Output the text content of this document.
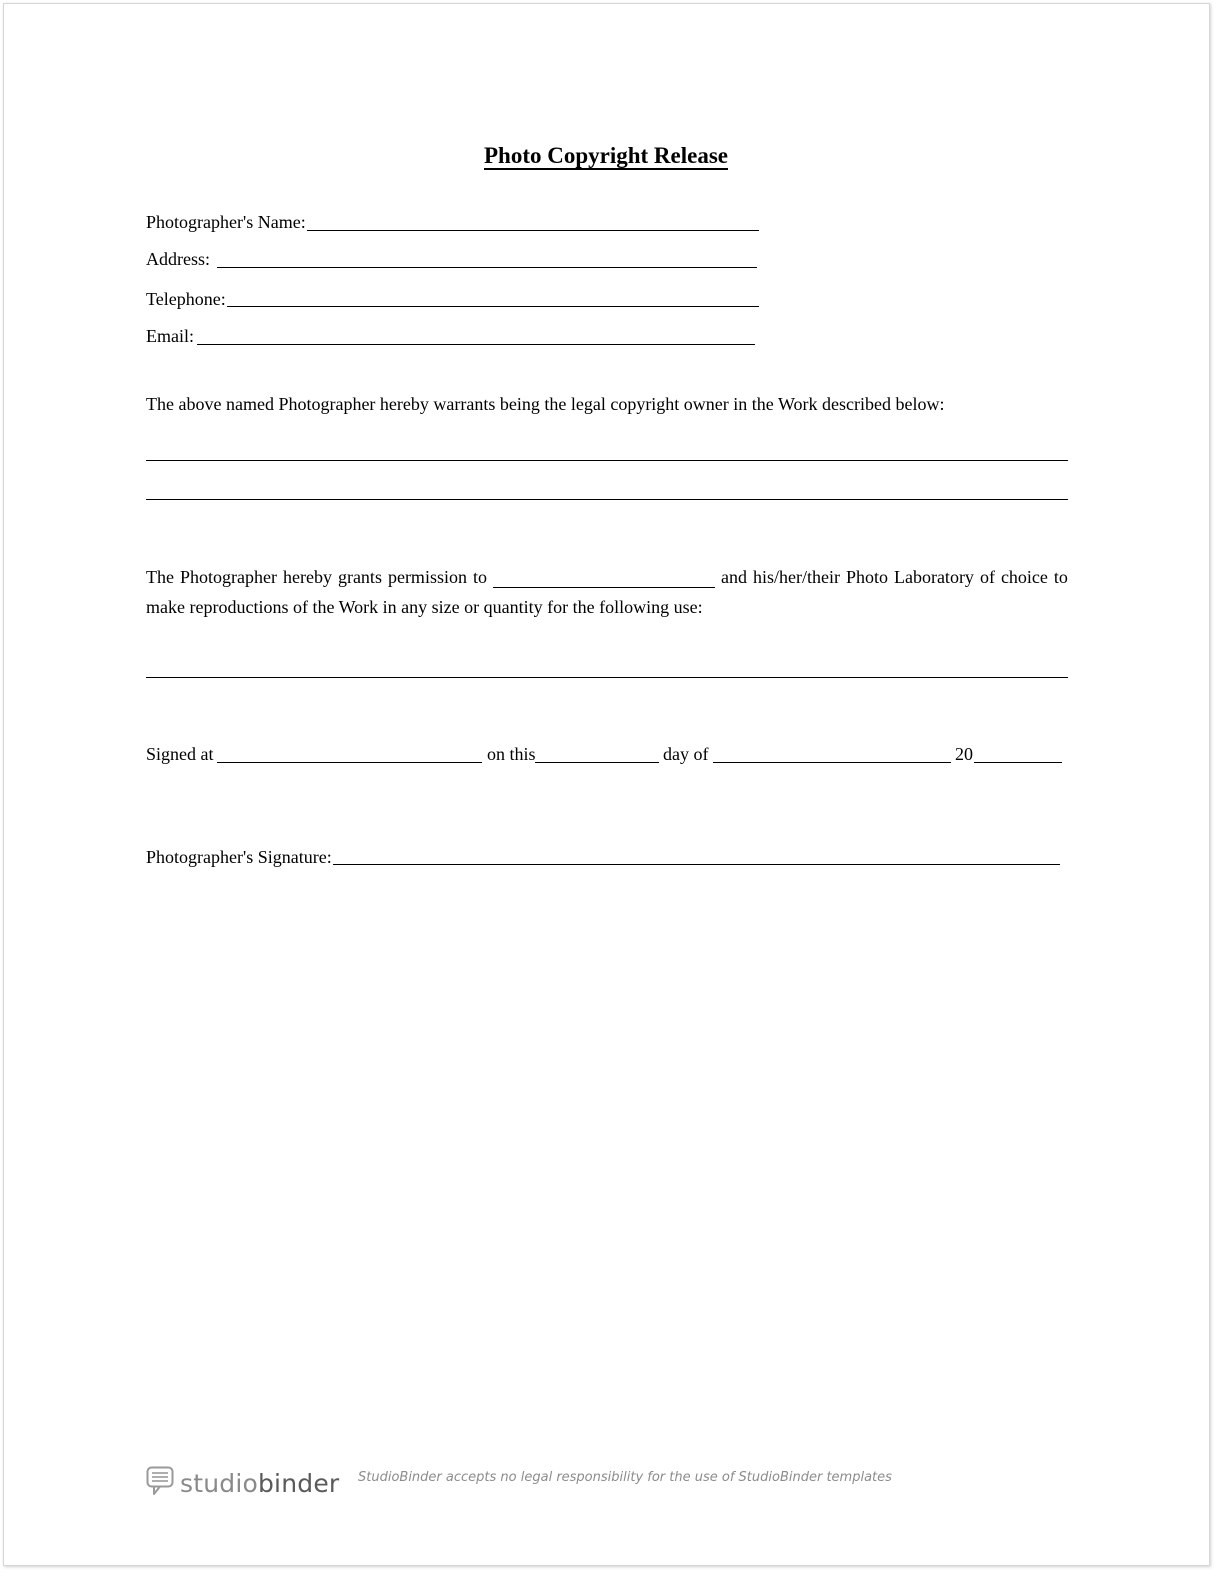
Photo Copyright Release
Photographer's Name:
Address:
Telephone:
Email:
The above named Photographer hereby warrants being the legal copyright owner in the Work described below:
The Photographer hereby grants permission to	and his/her/their Photo Laboratory of choice to
make reproductions of the Work in any size or quantity for the following use:
Signed at	on this	day of	20
Photographer's Signature:
studiobinder StudioBinder accepts no legal responsibility for the use of StudioBinder templates
